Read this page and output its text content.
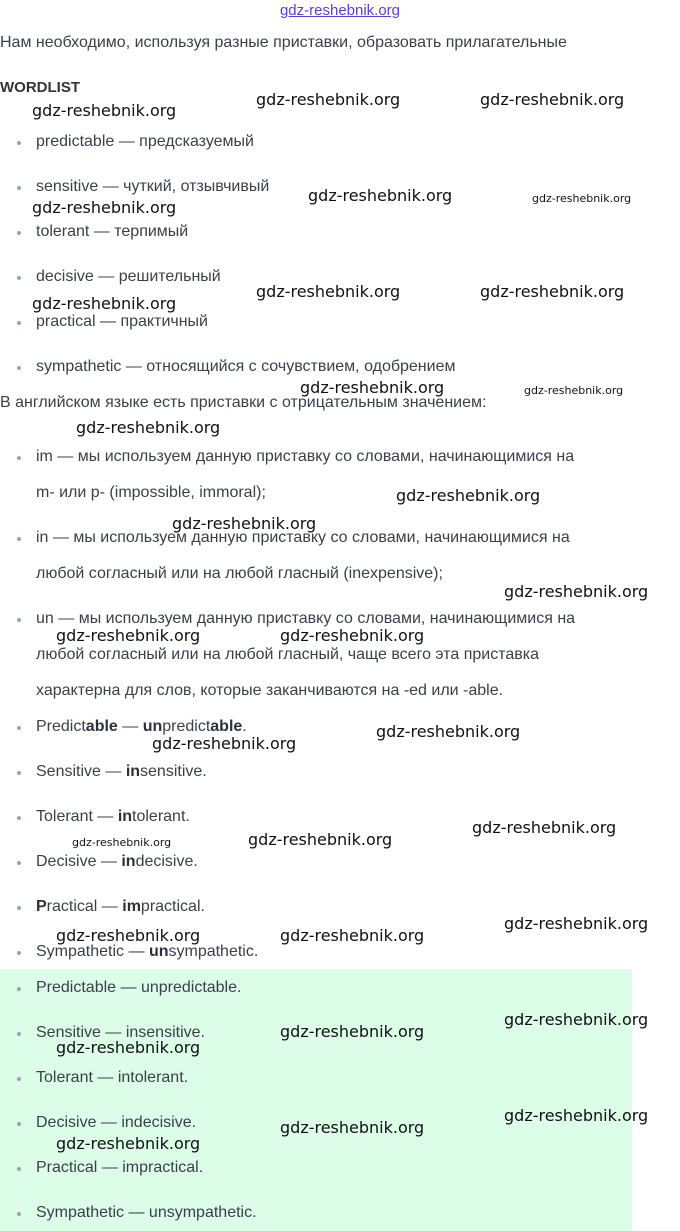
gdz-reshebnik.org
Нам необходимо, используя разные приставки, образовать прилагательные
WORDLIST
predictable — предсказуемый
sensitive — чуткий, отзывчивый
tolerant — терпимый
decisive — решительный
practical — практичный
sympathetic — относящийся с сочувствием, одобрением
В английском языке есть приставки с отрицательным значением:
im — мы используем данную приставку со словами, начинающимися на
m- или p- (impossible, immoral);
in — мы используем данную приставку со словами, начинающимися на
любой согласный или на любой гласный (inexpensive);
un — мы используем данную приставку со словами, начинающимися на
любой согласный или на любой гласный, чаще всего эта приставка
характерна для слов, которые заканчиваются на -ed или -able.
Predictable — unpredictable.
Sensitive — insensitive.
Tolerant — intolerant.
Decisive — indecisive.
Practical — impractical.
Sympathetic — unsympathetic.
Predictable — unpredictable.
Sensitive — insensitive.
Tolerant — intolerant.
Decisive — indecisive.
Practical — impractical.
Sympathetic — unsympathetic.
gdz-reshebnik.org
gdz-reshebnik.org	gdz-reshebnik.org
gdz-reshebnik.org
gdz-reshebnik.org	gdz-reshebnik.org
gdz-reshebnik.org
gdz-reshebnik.org	gdz-reshebnik.org
gdz-reshebnik.org	gdz-reshebnik.org
gdz-reshebnik.org
gdz-reshebnik.org
gdz-reshebnik.org
gdz-reshebnik.org
gdz-reshebnik.org	gdz-reshebnik.org
gdz-reshebnik.org
gdz-reshebnik.org
gdz-reshebnik.org
gdz-reshebnik.org	gdz-reshebnik.org
gdz-reshebnik.org
gdz-reshebnik.org	gdz-reshebnik.org
gdz-reshebnik.org
gdz-reshebnik.org
gdz-reshebnik.org
gdz-reshebnik.org
gdz-reshebnik.org
gdz-reshebnik.org
